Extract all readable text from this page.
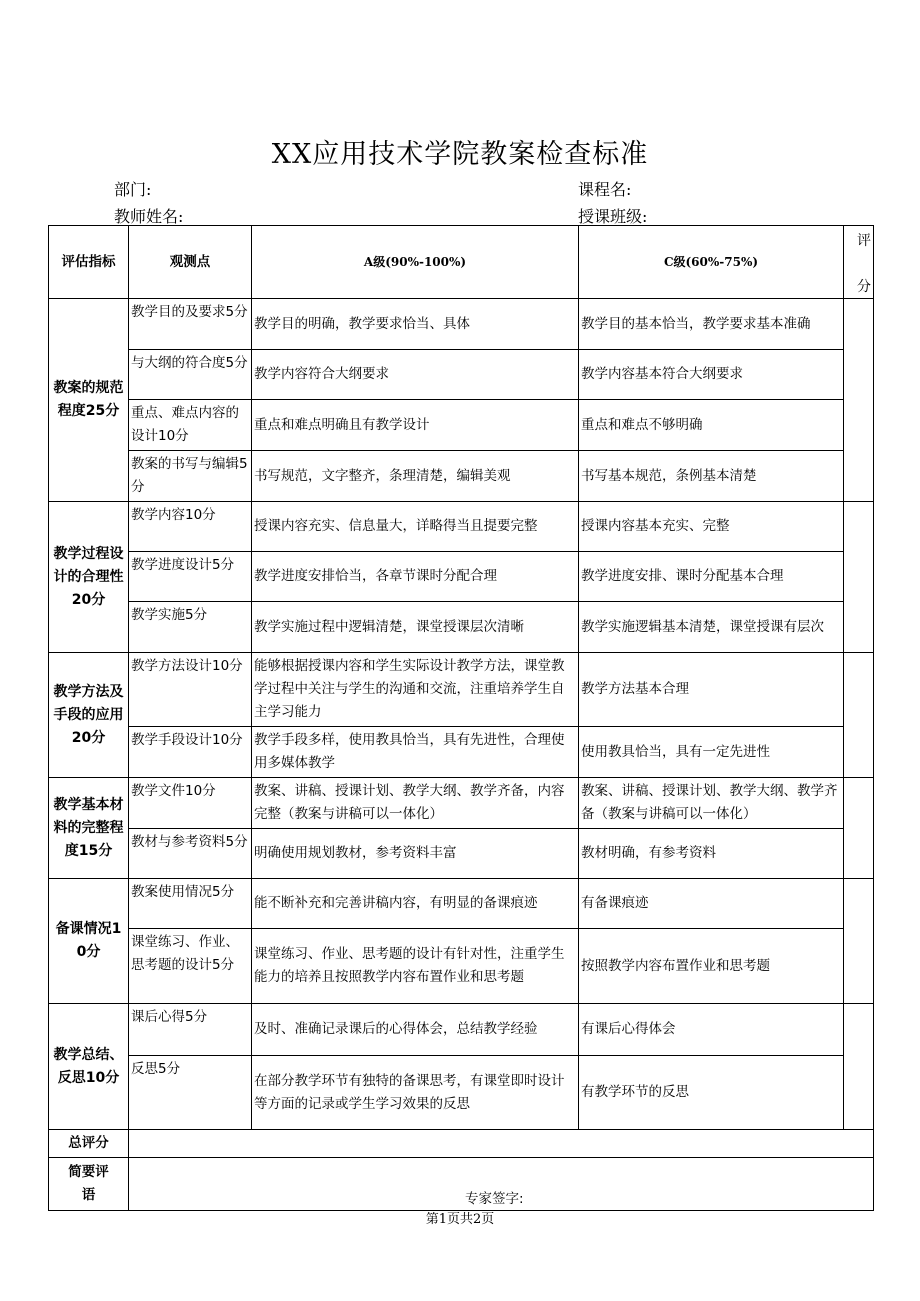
XX应用技术学院教案检查标准
部门:	课程名:
教师姓名:	授课班级:
评估指标	观测点	A级(90%-100%)	C级(60%-75%)	评
分

教案的规范程度25分	教学目的及要求5分	教学目的明确，教学要求恰当、具体	教学目的基本恰当，教学要求基本准确	
	与大纲的符合度5分	教学内容符合大纲要求	教学内容基本符合大纲要求	
	重点、难点内容的设计10分	重点和难点明确且有教学设计	重点和难点不够明确	
	教案的书写与编辑5分	书写规范，文字整齐，条理清楚，编辑美观	书写基本规范，条例基本清楚	
教学过程设计的合理性20分	教学内容10分	授课内容充实、信息量大，详略得当且提要完整	授课内容基本充实、完整	
	教学进度设计5分	教学进度安排恰当，各章节课时分配合理	教学进度安排、课时分配基本合理	
	教学实施5分	教学实施过程中逻辑清楚，课堂授课层次清晰	教学实施逻辑基本清楚，课堂授课有层次	
教学方法及手段的应用20分	教学方法设计10分	能够根据授课内容和学生实际设计教学方法，课堂教学过程中关注与学生的沟通和交流，注重培养学生自主学习能力	教学方法基本合理	
	教学手段设计10分	教学手段多样，使用教具恰当，具有先进性，合理使用多媒体教学	使用教具恰当，具有一定先进性	
教学基本材料的完整程度15分	教学文件10分	教案、讲稿、授课计划、教学大纲、教学齐备，内容完整（教案与讲稿可以一体化）	教案、讲稿、授课计划、教学大纲、教学齐备（教案与讲稿可以一体化）	
	教材与参考资料5分	明确使用规划教材，参考资料丰富	教材明确，有参考资料	
备课情况10分	教案使用情况5分	能不断补充和完善讲稿内容，有明显的备课痕迹	有备课痕迹	
	课堂练习、作业、思考题的设计5分	课堂练习、作业、思考题的设计有针对性，注重学生能力的培养且按照教学内容布置作业和思考题	按照教学内容布置作业和思考题	
教学总结、反思10分	课后心得5分	及时、准确记录课后的心得体会，总结教学经验	有课后心得体会	
	反思5分	在部分教学环节有独特的备课思考，有课堂即时设计等方面的记录或学生学习效果的反思	有教学环节的反思	
总评分				
简要评语					专家签字:
第1页共2页
